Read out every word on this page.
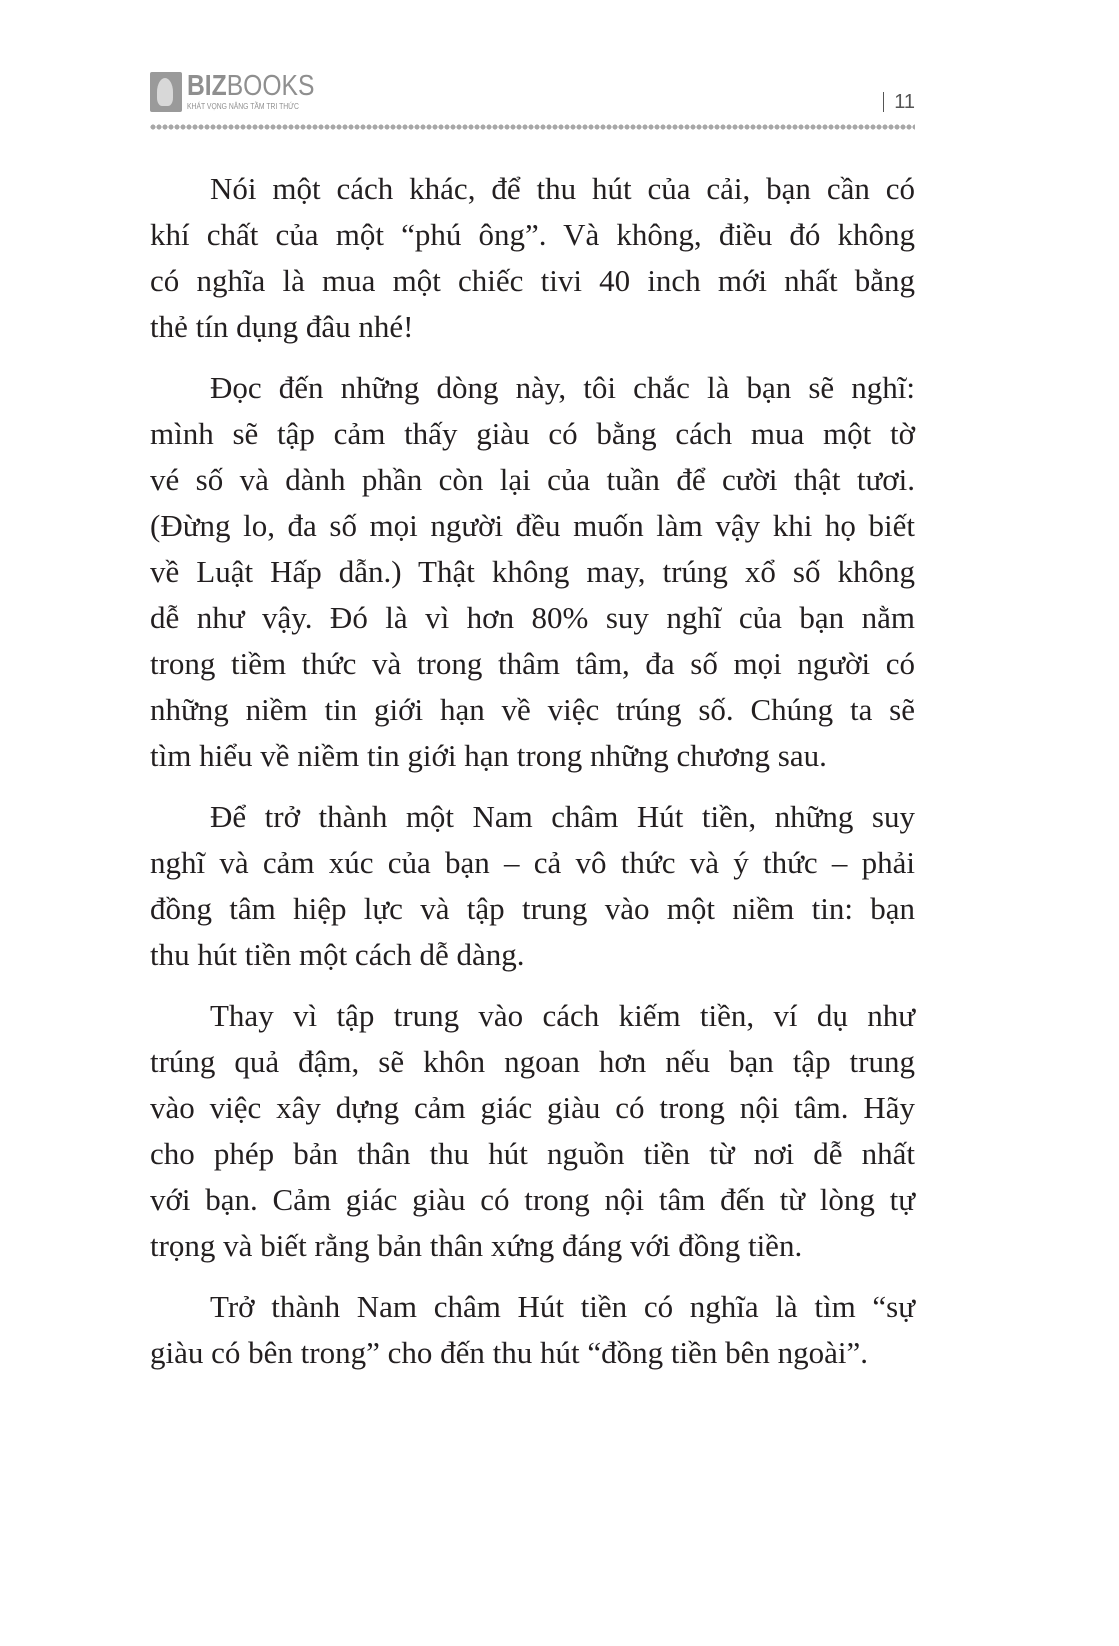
BIZBOOKS
KHÁT VỌNG NÂNG TẦM TRI THỨC	11
Nói một cách khác, để thu hút của cải, bạn cần có
khí chất của một “phú ông”. Và không, điều đó không
có nghĩa là mua một chiếc tivi 40 inch mới nhất bằng
thẻ tín dụng đâu nhé!
Đọc đến những dòng này, tôi chắc là bạn sẽ nghĩ:
mình sẽ tập cảm thấy giàu có bằng cách mua một tờ
vé số và dành phần còn lại của tuần để cười thật tươi.
(Đừng lo, đa số mọi người đều muốn làm vậy khi họ biết
về Luật Hấp dẫn.) Thật không may, trúng xổ số không
dễ như vậy. Đó là vì hơn 80% suy nghĩ của bạn nằm
trong tiềm thức và trong thâm tâm, đa số mọi người có
những niềm tin giới hạn về việc trúng số. Chúng ta sẽ
tìm hiểu về niềm tin giới hạn trong những chương sau.
Để trở thành một Nam châm Hút tiền, những suy
nghĩ và cảm xúc của bạn – cả vô thức và ý thức – phải
đồng tâm hiệp lực và tập trung vào một niềm tin: bạn
thu hút tiền một cách dễ dàng.
Thay vì tập trung vào cách kiếm tiền, ví dụ như
trúng quả đậm, sẽ khôn ngoan hơn nếu bạn tập trung
vào việc xây dựng cảm giác giàu có trong nội tâm. Hãy
cho phép bản thân thu hút nguồn tiền từ nơi dễ nhất
với bạn. Cảm giác giàu có trong nội tâm đến từ lòng tự
trọng và biết rằng bản thân xứng đáng với đồng tiền.
Trở thành Nam châm Hút tiền có nghĩa là tìm “sự
giàu có bên trong” cho đến thu hút “đồng tiền bên ngoài”.
